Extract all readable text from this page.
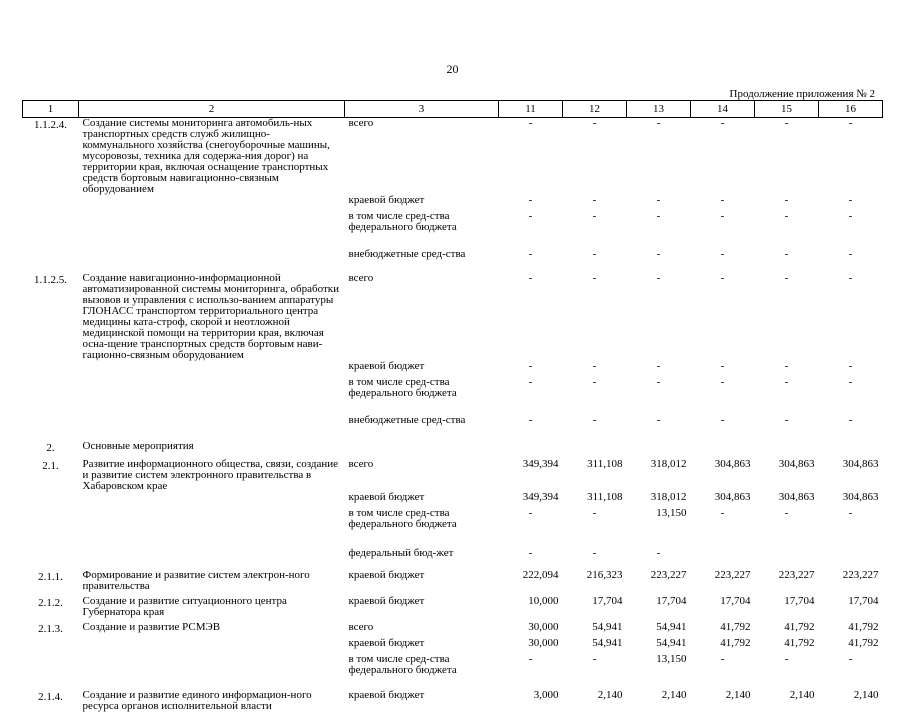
20
Продолжение приложения № 2
1	2	3	11	12	13	14	15	16
1.1.2.4.	Создание системы мониторинга автомобиль-ных транспортных средств служб жилищно-коммунального хозяйства (снегоуборочные машины, мусоровозы, техника для содержа-ния дорог) на территории края, включая оснащение транспортных средств бортовым навигационно-связным оборудованием	всего	-	-	-	-	-	-
		краевой бюджет	-	-	-	-	-	-
		в том числе сред-ства федерального бюджета	-	-	-	-	-	-
		внебюджетные сред-ства	-	-	-	-	-	-
1.1.2.5.	Создание навигационно-информационной автоматизированной системы мониторинга, обработки вызовов и управления с использо-ванием аппаратуры ГЛОНАСС транспортом территориального центра медицины ката-строф, скорой и неотложной медицинской помощи на территории края, включая осна-щение транспортных средств бортовым нави-гационно-связным оборудованием	всего	-	-	-	-	-	-
		краевой бюджет	-	-	-	-	-	-
		в том числе сред-ства федерального бюджета	-	-	-	-	-	-
		внебюджетные сред-ства	-	-	-	-	-	-
2.	Основные мероприятия							
2.1.	Развитие информационного общества, связи, создание и развитие систем электронного правительства в Хабаровском крае	всего	349,394	311,108	318,012	304,863	304,863	304,863
		краевой бюджет	349,394	311,108	318,012	304,863	304,863	304,863
		в том числе сред-ства федерального бюджета	-	-	13,150	-	-	-
		федеральный бюд-жет	-	-	-			
2.1.1.	Формирование и развитие систем электрон-ного правительства	краевой бюджет	222,094	216,323	223,227	223,227	223,227	223,227
2.1.2.	Создание и развитие ситуационного центра Губернатора края	краевой бюджет	10,000	17,704	17,704	17,704	17,704	17,704
2.1.3.	Создание и развитие РСМЭВ	всего	30,000	54,941	54,941	41,792	41,792	41,792
		краевой бюджет	30,000	54,941	54,941	41,792	41,792	41,792
		в том числе сред-ства федерального бюджета	-	-	13,150	-	-	-
2.1.4.	Создание и развитие единого информацион-ного ресурса органов исполнительной власти	краевой бюджет	3,000	2,140	2,140	2,140	2,140	2,140
